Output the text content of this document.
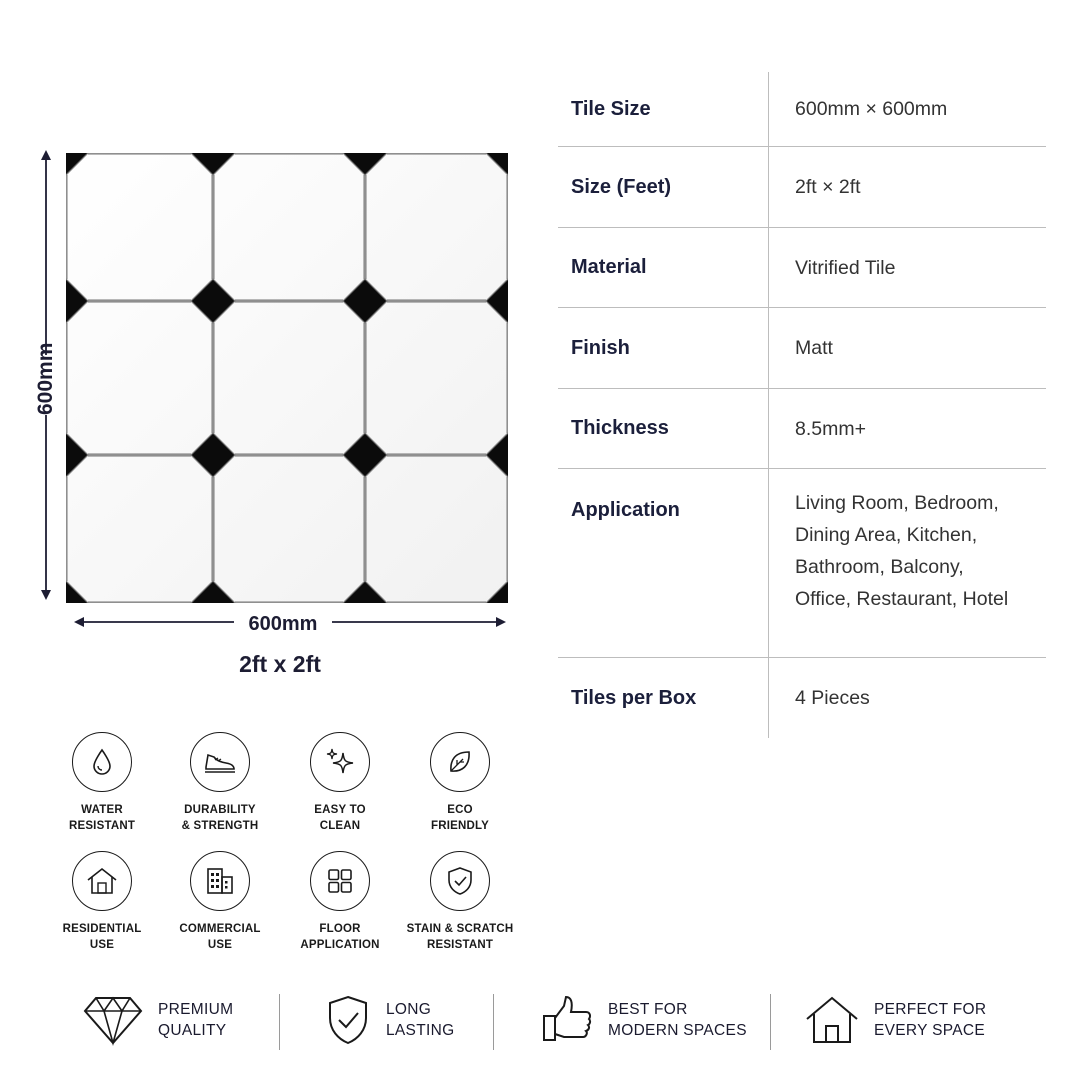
600mm
600mm
2ft x 2ft
Tile Size	600mm × 600mm
Size (Feet)	2ft × 2ft
Material	Vitrified Tile
Finish	Matt
Thickness	8.5mm+
Application	Living Room, Bedroom,
Dining Area, Kitchen,
Bathroom, Balcony,
Office, Restaurant, Hotel
Tiles per Box	4 Pieces
WATER
RESISTANT
DURABILITY
& STRENGTH
EASY TO
CLEAN
ECO
FRIENDLY
RESIDENTIAL
USE
COMMERCIAL
USE
FLOOR
APPLICATION
STAIN & SCRATCH
RESISTANT
PREMIUM
QUALITY
LONG
LASTING
BEST FOR
MODERN SPACES
PERFECT FOR
EVERY SPACE
